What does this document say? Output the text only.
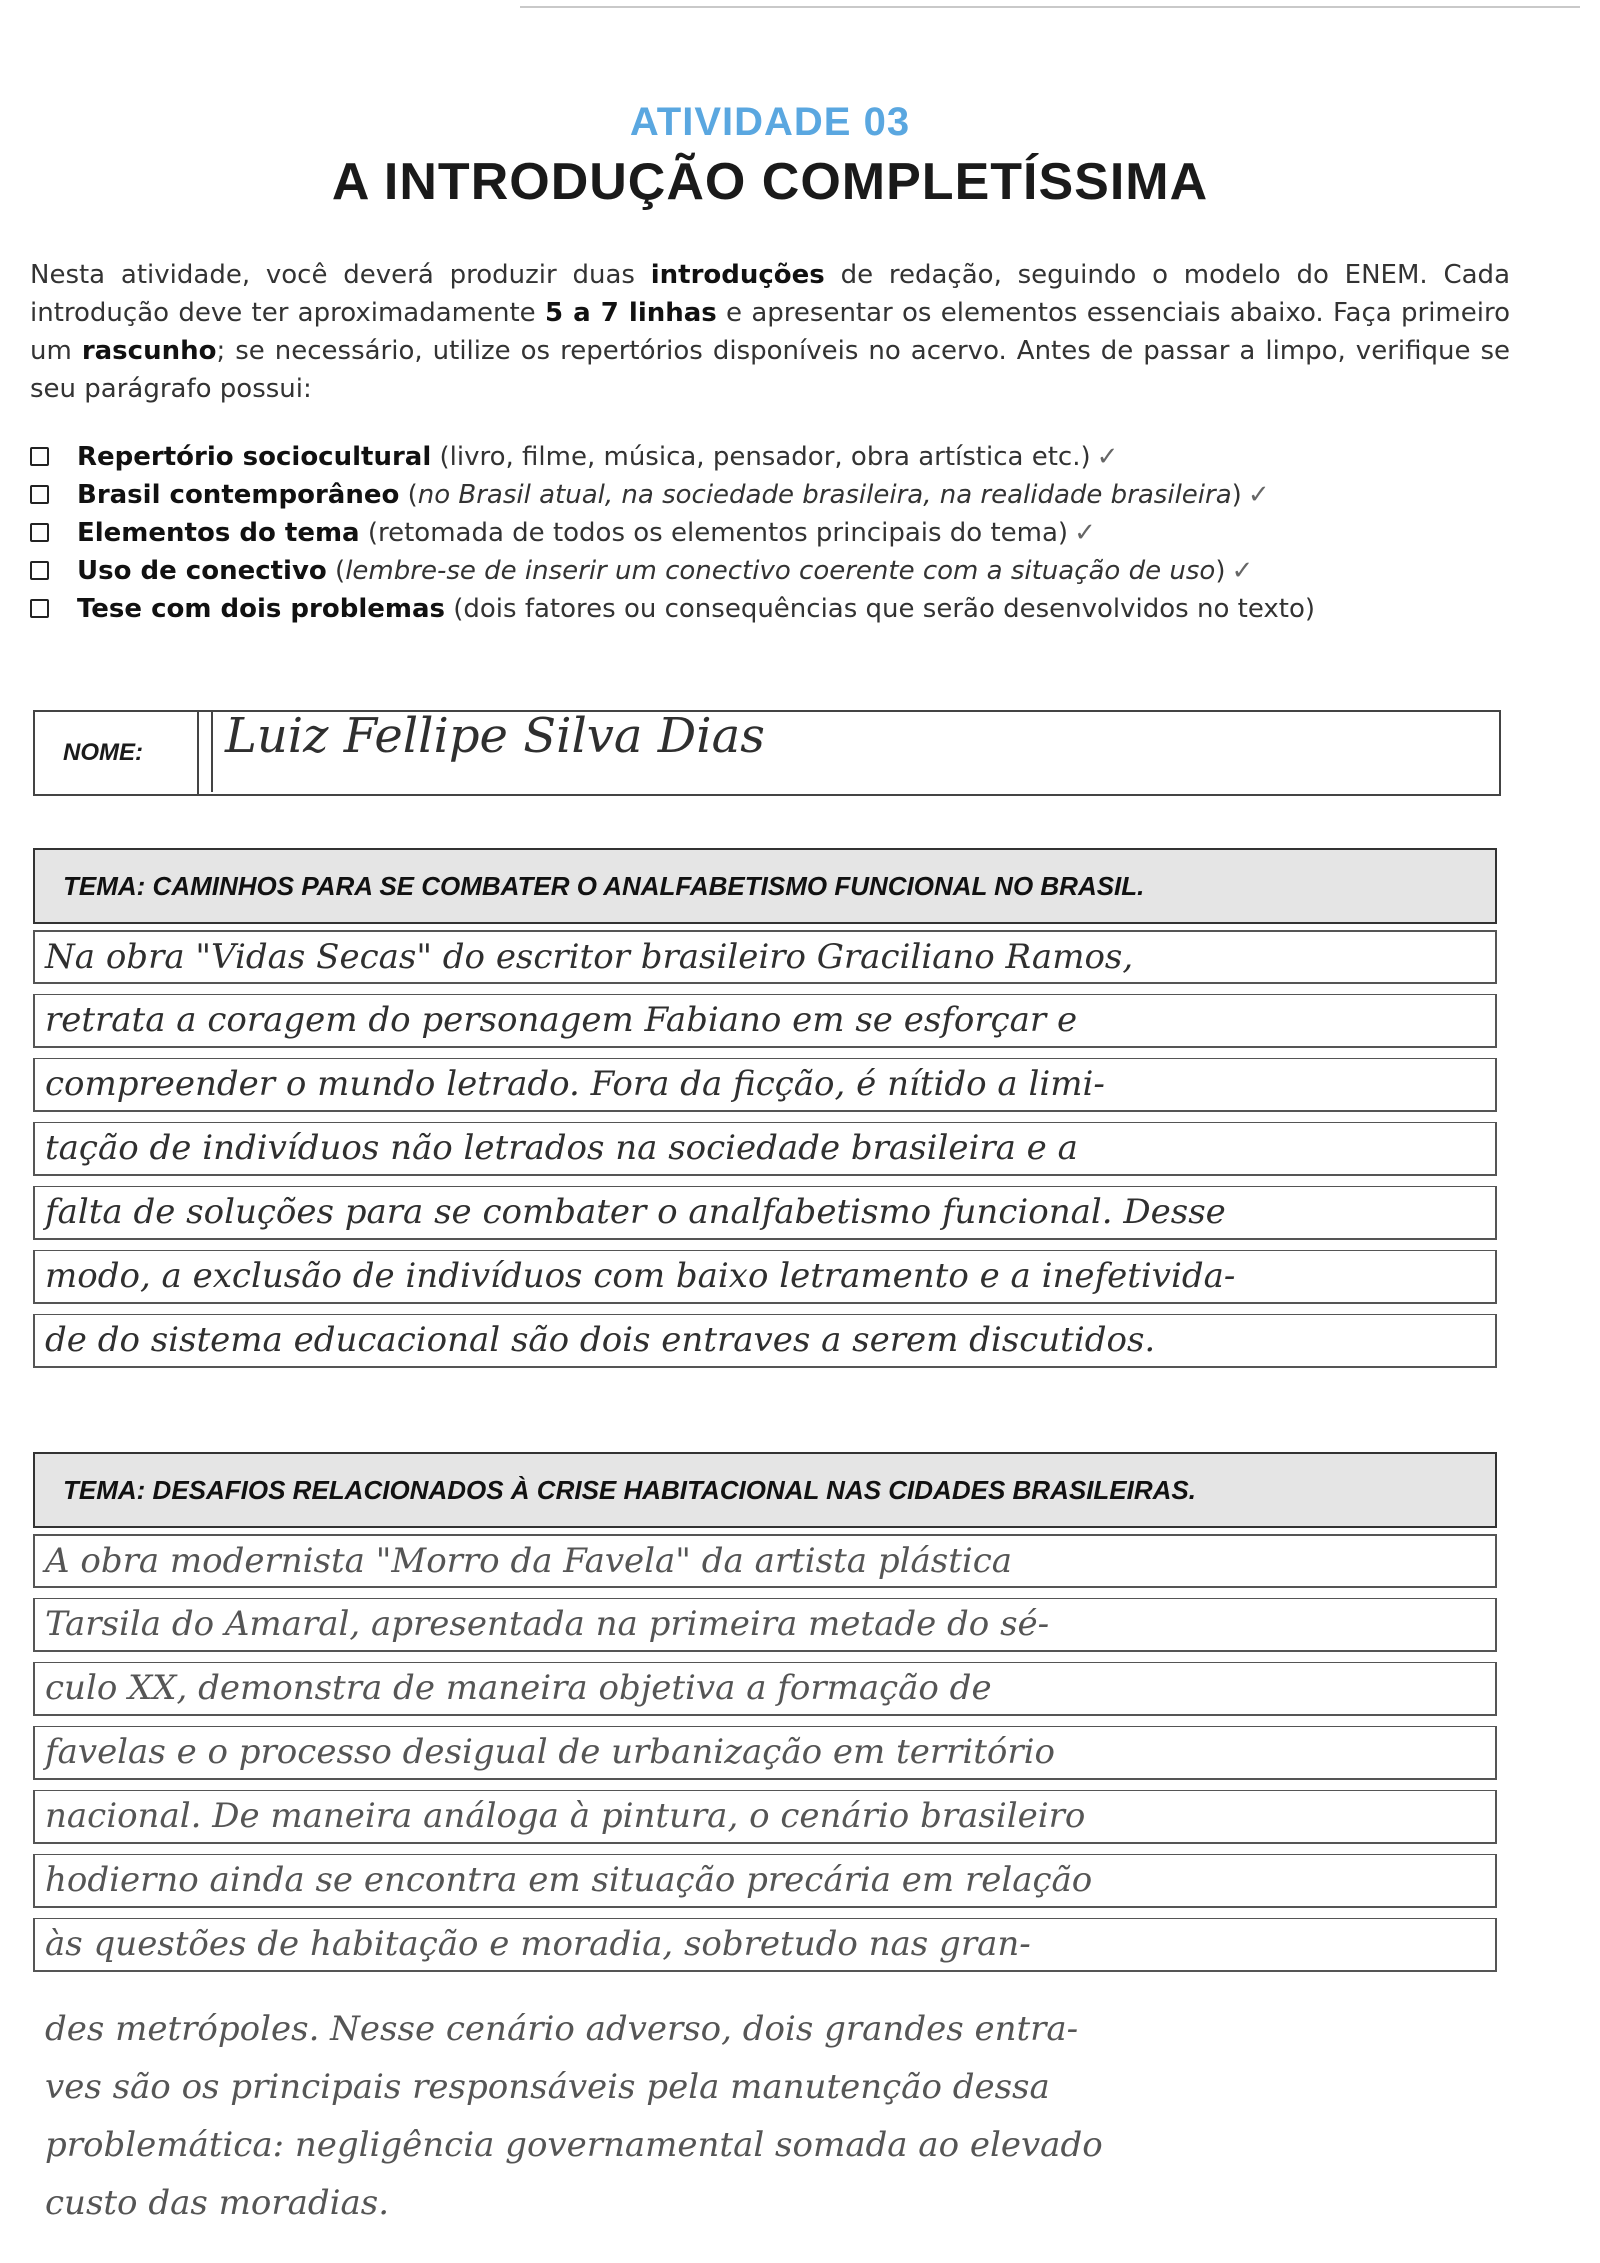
ATIVIDADE 03
A INTRODUÇÃO COMPLETÍSSIMA
Nesta atividade, você deverá produzir duas introduções de redação, seguindo o modelo do ENEM. Cada introdução deve ter aproximadamente 5 a 7 linhas e apresentar os elementos essenciais abaixo. Faça primeiro um rascunho; se necessário, utilize os repertórios disponíveis no acervo. Antes de passar a limpo, verifique se seu parágrafo possui:
Repertório sociocultural (livro, filme, música, pensador, obra artística etc.) ✓
Brasil contemporâneo (no Brasil atual, na sociedade brasileira, na realidade brasileira) ✓
Elementos do tema (retomada de todos os elementos principais do tema) ✓
Uso de conectivo (lembre-se de inserir um conectivo coerente com a situação de uso) ✓
Tese com dois problemas (dois fatores ou consequências que serão desenvolvidos no texto)
NOME:	Luiz Fellipe Silva Dias
TEMA: CAMINHOS PARA SE COMBATER O ANALFABETISMO FUNCIONAL NO BRASIL.
Na obra "Vidas Secas" do escritor brasileiro Graciliano Ramos,
retrata a coragem do personagem Fabiano em se esforçar e
compreender o mundo letrado. Fora da ficção, é nítido a limi-
tação de indivíduos não letrados na sociedade brasileira e a
falta de soluções para se combater o analfabetismo funcional. Desse
modo, a exclusão de indivíduos com baixo letramento e a inefetivida-
de do sistema educacional são dois entraves a serem discutidos.
TEMA: DESAFIOS RELACIONADOS À CRISE HABITACIONAL NAS CIDADES BRASILEIRAS.
A obra modernista "Morro da Favela" da artista plástica
Tarsila do Amaral, apresentada na primeira metade do sé-
culo XX, demonstra de maneira objetiva a formação de
favelas e o processo desigual de urbanização em território
nacional. De maneira análoga à pintura, o cenário brasileiro
hodierno ainda se encontra em situação precária em relação
às questões de habitação e moradia, sobretudo nas gran-
des metrópoles. Nesse cenário adverso, dois grandes entra-
ves são os principais responsáveis pela manutenção dessa
problemática: negligência governamental somada ao elevado
custo das moradias.
